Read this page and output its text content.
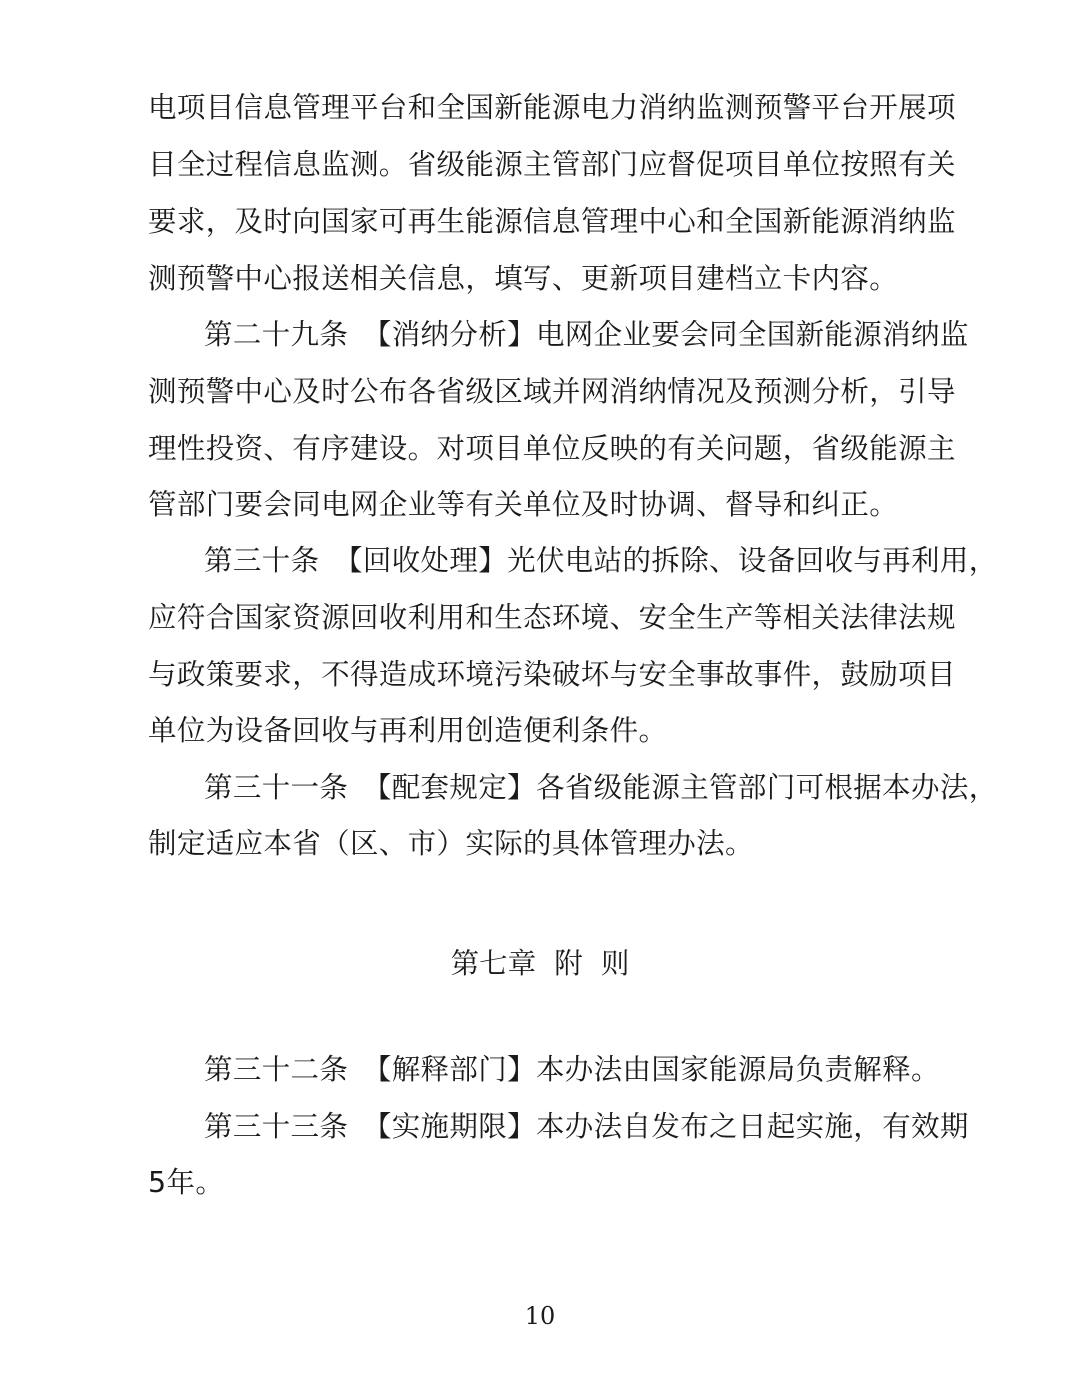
电项目信息管理平台和全国新能源电力消纳监测预警平台开展项
目全过程信息监测。省级能源主管部门应督促项目单位按照有关
要求，及时向国家可再生能源信息管理中心和全国新能源消纳监
测预警中心报送相关信息，填写、更新项目建档立卡内容。
第二十九条　【消纳分析】电网企业要会同全国新能源消纳监
测预警中心及时公布各省级区域并网消纳情况及预测分析，引导
理性投资、有序建设。对项目单位反映的有关问题，省级能源主
管部门要会同电网企业等有关单位及时协调、督导和纠正。
第三十条　【回收处理】光伏电站的拆除、设备回收与再利用，
应符合国家资源回收利用和生态环境、安全生产等相关法律法规
与政策要求，不得造成环境污染破坏与安全事故事件，鼓励项目
单位为设备回收与再利用创造便利条件。
第三十一条　【配套规定】各省级能源主管部门可根据本办法，
制定适应本省（区、市）实际的具体管理办法。
第三十二条　【解释部门】本办法由国家能源局负责解释。
第三十三条　【实施期限】本办法自发布之日起实施，有效期
5年。
第七章  附  则
10
